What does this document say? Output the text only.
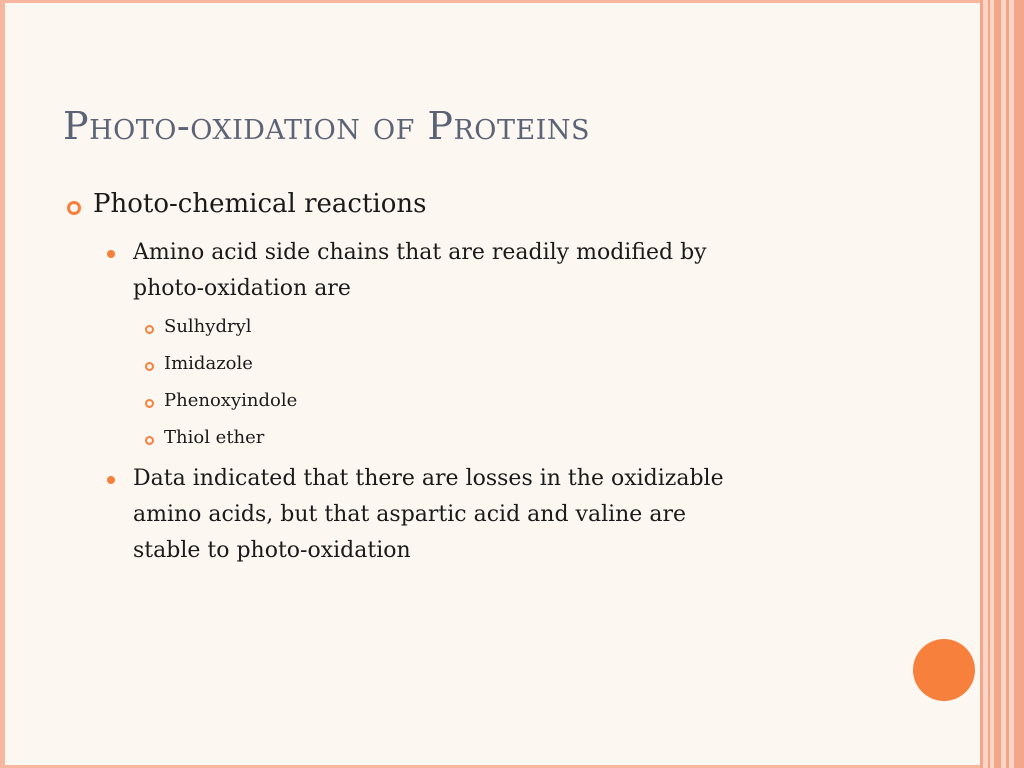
Photo-oxidation of Proteins
Photo-chemical reactions
Amino acid side chains that are readily modified by
photo-oxidation are
Sulhydryl
Imidazole
Phenoxyindole
Thiol ether
Data indicated that there are losses in the oxidizable
amino acids, but that aspartic acid and valine are
stable to photo-oxidation
